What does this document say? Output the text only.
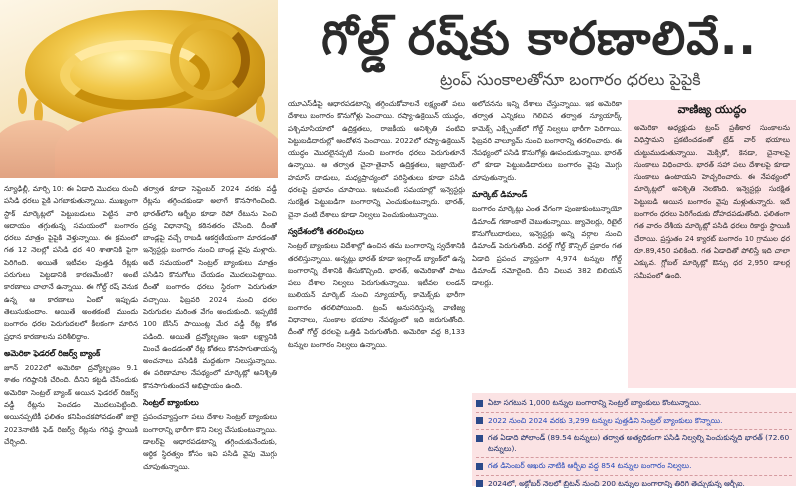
గోల్డ్ రష్‌కు కారణాలివే..
ట్రంప్ సుంకాలతోనూ బంగారం ధరలు పైపైకి

న్యూఢిల్లీ, మార్చి 10: ఈ ఏడాది మొదలు రుంచీ పసిడి ధరలు పైకి ఎగబాకుతున్నాయి. ముఖ్యంగా స్టాక్ మార్కెట్లలో పెట్టుబడులు పెట్టిన వారి ఆదాయం తగ్గుతున్న సమయంలో బంగారం ధరలు మాత్రం పైపైకి వెళ్తున్నాయి. ఈ క్రమంలో గత 12 నెలల్లో పసిడి ధర 40 శాతానికి పైగా పెరిగింది. అయితే ఇటీవల పుత్తడి రేట్లకు పరుగులు పెట్టడానికి కారణమేంటి? అంటే కారణాలు చాలానే ఉన్నాయి. ఈ గోల్డ్ రష్ వెనుక ఉన్న ఆ కారణాలు ఏంటో ఇప్పుడు తెలుసుకుందాం. అయితే అంతకంటే ముందు బంగారం ధరల పెరుగుదలలో కీలకంగా మారిన ప్రధాన కారణాలను పరిశీలిద్దాం.

అమెరికా ఫెడరల్ రిజర్వ్ బ్యాంక్

జూన్ 2022లో అమెరికా ద్రవ్యోల్బణం 9.1 శాతం గరిష్ఠానికి చేరింది. దీనిని కట్టడి చేసేందుకు అమెరికా సెంట్రల్ బ్యాంక్ అయిన ఫెడరల్ రిజర్వ్ వడ్డీ రేట్లను పెంచడం మొదలుపెట్టింది. అయినప్పటికీ ఫలితం కనిపించకపోవడంతో జులై 2023నాటికి ఫెడ్ రిజర్వ్ రేట్లను గరిష్ఠ స్థాయికి చేర్చింది.

తర్వాత కూడా సెప్టెంబర్ 2024 వరకు వడ్డీ రేట్లను తగ్గించకుండా అలాగే కొనసాగించింది. భారత్‌లోని ఆర్బీఐ కూడా రెపో రేటును పెంచి ద్రవ్య విధానాన్ని కఠినతరం చేసింది. దీంతో బాండ్లపై వచ్చే రాబడి ఆకర్షణీయంగా మారడంతో ఇన్వెస్టర్లు బంగారం నుంచి బాండ్ల వైపు మళ్లారు. అదే సమయంలో సెంట్రల్ బ్యాంకులు మాత్రం పసిడిని కొనుగోలు చేయడం మొదలుపెట్టాయి. దీంతో బంగారం ధరలు స్థిరంగా పెరుగుతూ వచ్చాయి. ఫిబ్రవరి 2024 నుంచి ధరల పెరుగుదల మరింత వేగం అందుకుంది. ఇప్పటికే 100 బేసిస్ పాయింట్ల మేర వడ్డీ రేట్ల కోత పడింది. అయితే ద్రవ్యోల్బణం ఇంకా లక్ష్యానికి మించే ఉండడంతో రేట్ల కోతలు కొనసాగుతాయన్న అంచనాలు పసిడికి మద్దతుగా నిలుస్తున్నాయి. ఈ పరిణామాల నేపథ్యంలో మార్కెట్లో అనిశ్చితి కొనసాగుతుందనే అభిప్రాయం ఉంది.

సెంట్రల్ బ్యాంకులు

ప్రపంచవ్యాప్తంగా పలు దేశాల సెంట్రల్ బ్యాంకులు బంగారాన్ని భారీగా కొని నిల్వ చేసుకుంటున్నాయి. డాలర్‌పై ఆధారపడటాన్ని తగ్గించుకునేందుకు, ఆర్థిక స్థిరత్వం కోసం ఇవి పసిడి వైపు మొగ్గు చూపుతున్నాయి.

యూఎస్‌డీపై ఆధారపడటాన్ని తగ్గించుకోవాలనే లక్ష్యంతో పలు దేశాలు బంగారం కొనుగోళ్లు పెంచాయి. రష్యా-ఉక్రెయిన్ యుద్ధం, పశ్చిమాసియాలో ఉద్రిక్తతలు, రాజకీయ అనిశ్చితి వంటివి పెట్టుబడిదారుల్లో ఆందోళన పెంచాయి. 2022లో రష్యా-ఉక్రెయిన్ యుద్ధం మొదలైనప్పటి నుంచి బంగారం ధరలు పెరుగుతూనే ఉన్నాయి. ఆ తర్వాత చైనా-తైవాన్ ఉద్రిక్తతలు, ఇజ్రాయెల్-హమాస్ దాడులు, మధ్యప్రాచ్యంలో పరిస్థితులు కూడా పసిడి ధరలపై ప్రభావం చూపాయి. ఇటువంటి సమయాల్లో ఇన్వెస్టర్లు సురక్షిత పెట్టుబడిగా బంగారాన్ని ఎంచుకుంటున్నారు. భారత్, చైనా వంటి దేశాలు కూడా నిల్వలు పెంచుకుంటున్నాయి.

స్వదేశంలోకి తరలింపులు

సెంట్రల్ బ్యాంకులు విదేశాల్లో ఉంచిన తమ బంగారాన్ని స్వదేశానికి తరలిస్తున్నాయి. అన్నట్లు భారత్ కూడా ఇంగ్లాండ్ బ్యాంక్‌లో ఉన్న బంగారాన్ని దేశానికి తీసుకొచ్చింది. భారత్, అమెరికాతో పాటు పలు దేశాల నిల్వలు పెరుగుతున్నాయి. ఇటీవల లండన్ బులియన్ మార్కెట్ నుంచి న్యూయార్క్ కామెక్స్‌కు భారీగా బంగారం తరలిపోయింది. ట్రంప్ అనుసరిస్తున్న వాణిజ్య విధానాలు, సుంకాల భయాల నేపథ్యంలో ఇది జరుగుతోంది. దీంతో గోల్డ్ ధరలపై ఒత్తిడి పెరుగుతోంది. అమెరికా వద్ద 8,133 టన్నుల బంగారం నిల్వలు ఉన్నాయి.

అలోచనను ఇన్ని దేశాలు చేస్తున్నాయి. ఇక అమెరికా తర్వాత ఎన్నికలు గెలిచిన తర్వాత న్యూయార్క్ కామెక్స్ ఎక్స్ఛేంజ్‌లో గోల్డ్ నిల్వలు భారీగా పెరిగాయి. ఫిబ్రవరి వాల్యూమ్ నుంచి బంగారాన్ని తరలించారు. ఈ నేపథ్యంలో పసిడి కొనుగోళ్లు ఊపందుకున్నాయి. భారత్ లో కూడా పెట్టుబడిదారులు బంగారం వైపు మొగ్గు చూపుతున్నారు.

మార్కెట్ డిమాండ్

బంగారం మార్కెట్లు ఎంత వేగంగా పుంజుకుంటున్నాయో డిమాండ్ గణాంకాలే చెబుతున్నాయి. జ్యువెలర్లు, రిటైల్ కొనుగోలుదారులు, ఇన్వెస్టర్లు అన్ని వర్గాల నుంచి డిమాండ్ పెరుగుతోంది. వరల్డ్ గోల్డ్ కౌన్సిల్ ప్రకారం గత ఏడాది ప్రపంచ వ్యాప్తంగా 4,974 టన్నుల గోల్డ్ డిమాండ్ నమోదైంది. దీని విలువ 382 బిలియన్ డాలర్లు.

వాణిజ్య యుద్ధం
అమెరికా అధ్యక్షుడు ట్రంప్ ప్రతీకార సుంకాలను విధిస్తామని ప్రకటించడంతో ట్రేడ్ వార్ భయాలు చుట్టుముడుతున్నాయి. మెక్సికో, కెనడా, చైనాలపై సుంకాలు విధించారు. భారత్ సహా పలు దేశాలపై కూడా సుంకాలు ఉంటాయని హెచ్చరించారు. ఈ నేపథ్యంలో మార్కెట్లలో అనిశ్చితి నెలకొంది. ఇన్వెస్టర్లు సురక్షిత పెట్టుబడి అయిన బంగారం వైపు మళ్లుతున్నారు. ఇదే బంగారం ధరలు పెరిగేందుకు దోహదపడుతోంది. ఫలితంగా గత వారం దేశీయ మార్కెట్లో పసిడి ధరలు రికార్డు స్థాయికి చేరాయి. ప్రస్తుతం 24 క్యారట్ బంగారం 10 గ్రాముల ధర రూ.89,450 పలికింది. గత ఏడాదితో పోలిస్తే ఇది చాలా ఎక్కువ. గ్లోబల్ మార్కెట్లో ఔన్సు ధర 2,950 డాలర్ల సమీపంలో ఉంది.
ఏటా సగటున 1,000 టన్నుల బంగారాన్ని సెంట్రల్ బ్యాంకులు కొంటున్నాయి.
2022 నుంచి 2024 వరకు 3,299 టన్నుల పుత్తడిని సెంట్రల్ బ్యాంకులు కొన్నాయి.
గత ఏడాది పోలాండ్ (89.54 టన్నులు) తర్వాత అత్యధికంగా పసిడి నిల్వల్ని పెంచుకున్నది భారత్ (72.60 టన్నులు).
గత డిసెంబర్ ఆఖరు నాటికి ఆర్బీఐ వద్ద 854 టన్నుల బంగారం నిల్వలు.
2024లో, అక్టోబర్ నెలలో బ్రిటన్ నుంచి 200 టన్నుల బంగారాన్ని తిరిగి తెచ్చుకున్న ఆర్బీఐ.
